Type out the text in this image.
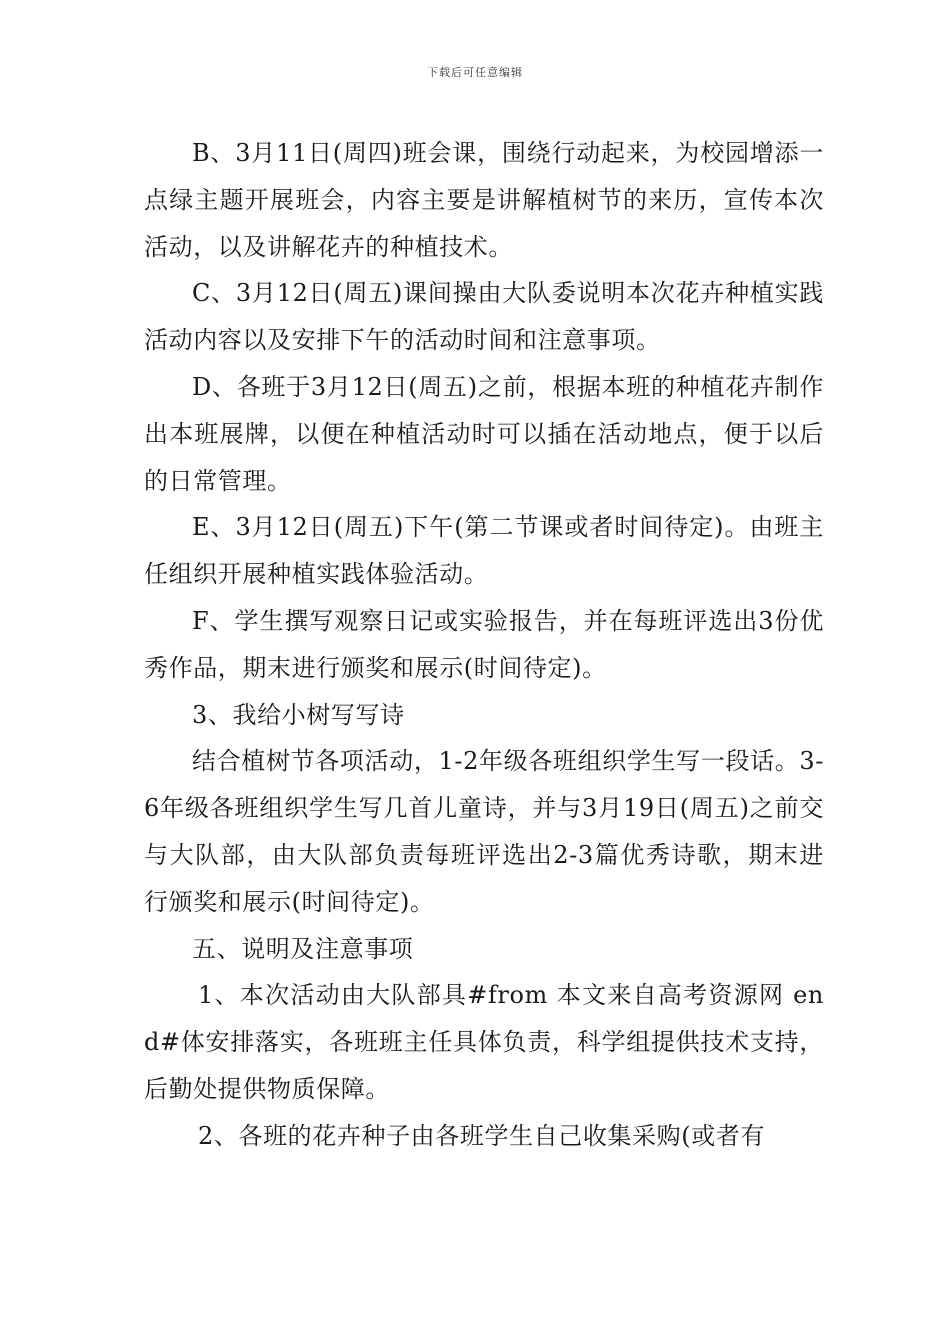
下载后可任意编辑

B、3月11日(周四)班会课，围绕行动起来，为校园增添一点绿主题开展班会，内容主要是讲解植树节的来历，宣传本次活动，以及讲解花卉的种植技术。

C、3月12日(周五)课间操由大队委说明本次花卉种植实践活动内容以及安排下午的活动时间和注意事项。

D、各班于3月12日(周五)之前，根据本班的种植花卉制作出本班展牌，以便在种植活动时可以插在活动地点，便于以后的日常管理。

E、3月12日(周五)下午(第二节课或者时间待定)。由班主任组织开展种植实践体验活动。

F、学生撰写观察日记或实验报告，并在每班评选出3份优秀作品，期末进行颁奖和展示(时间待定)。

3、我给小树写写诗

结合植树节各项活动，1-2年级各班组织学生写一段话。3-6年级各班组织学生写几首儿童诗，并与3月19日(周五)之前交与大队部，由大队部负责每班评选出2-3篇优秀诗歌，期末进行颁奖和展示(时间待定)。

五、说明及注意事项

1、本次活动由大队部具#from 本文来自高考资源网 end#体安排落实，各班班主任具体负责，科学组提供技术支持，后勤处提供物质保障。

2、各班的花卉种子由各班学生自己收集采购(或者有
